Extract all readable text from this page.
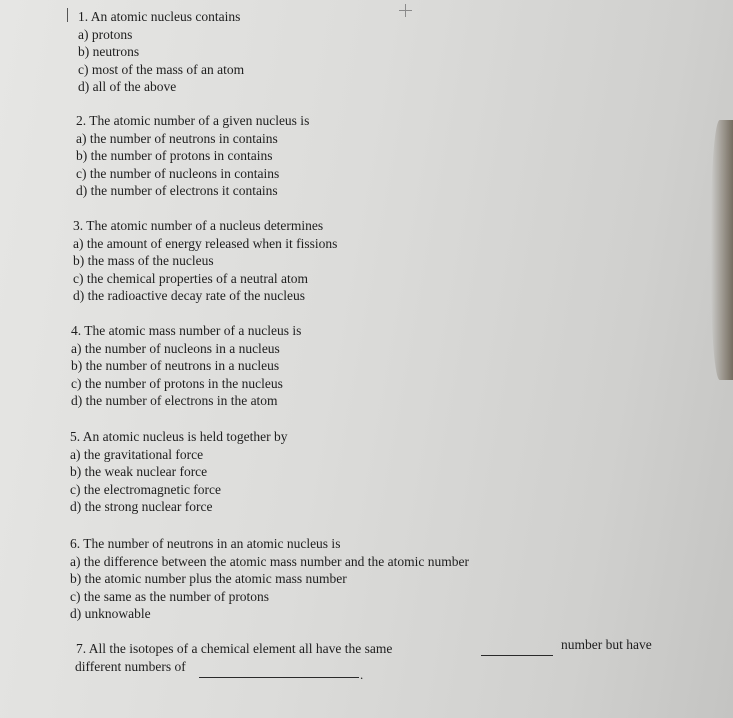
1. An atomic nucleus contains

a) protons

b) neutrons

c) most of the mass of an atom

d) all of the above

2. The atomic number of a given nucleus is

a) the number of neutrons in contains

b) the number of protons in contains

c) the number of nucleons in contains

d) the number of electrons it contains

3. The atomic number of a nucleus determines

a) the amount of energy released when it fissions

b) the mass of the nucleus

c) the chemical properties of a neutral atom

d) the radioactive decay rate of the nucleus

4. The atomic mass number of a nucleus is

a) the number of nucleons in a nucleus

b) the number of neutrons in a nucleus

c) the number of protons in the nucleus

d) the number of electrons in the atom

5. An atomic nucleus is held together by

a) the gravitational force

b) the weak nuclear force

c) the electromagnetic force

d) the strong nuclear force

6. The number of neutrons in an atomic nucleus is

a) the difference between the atomic mass number and the atomic number

b) the atomic number plus the atomic mass number

c) the same as the number of protons

d) unknowable

7. All the isotopes of a chemical element all have the same	number but have
different numbers of
.
